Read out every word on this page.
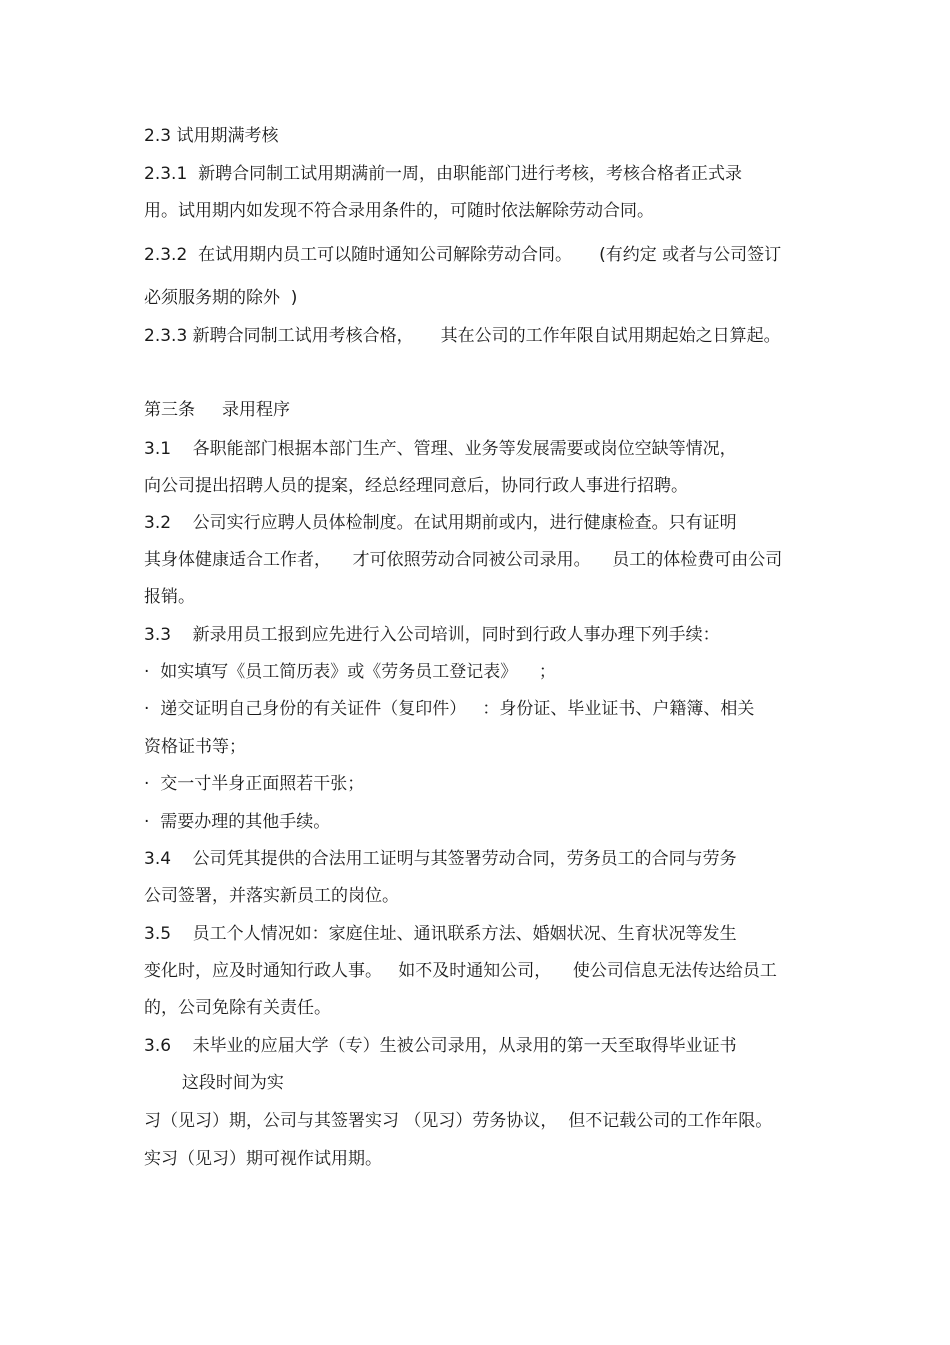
2.3 试用期满考核
2.3.1  新聘合同制工试用期满前一周，由职能部门进行考核，考核合格者正式录
用。试用期内如发现不符合录用条件的，可随时依法解除劳动合同。
2.3.2  在试用期内员工可以随时通知公司解除劳动合同。     (有约定 或者与公司签订
必须服务期的除外  )
2.3.3 新聘合同制工试用考核合格，     其在公司的工作年限自试用期起始之日算起。
第三条     录用程序
3.1    各职能部门根据本部门生产、管理、业务等发展需要或岗位空缺等情况，
向公司提出招聘人员的提案，经总经理同意后，协同行政人事进行招聘。
3.2    公司实行应聘人员体检制度。在试用期前或内，进行健康检查。只有证明
其身体健康适合工作者，    才可依照劳动合同被公司录用。    员工的体检费可由公司
报销。
3.3    新录用员工报到应先进行入公司培训，同时到行政人事办理下列手续：
·  如实填写《员工简历表》或《劳务员工登记表》    ；
·  递交证明自己身份的有关证件（复印件）   ：身份证、毕业证书、户籍簿、相关
资格证书等；
·  交一寸半身正面照若干张；
·  需要办理的其他手续。
3.4    公司凭其提供的合法用工证明与其签署劳动合同，劳务员工的合同与劳务
公司签署，并落实新员工的岗位。
3.5    员工个人情况如：家庭住址、通讯联系方法、婚姻状况、生育状况等发生
变化时，应及时通知行政人事。   如不及时通知公司，    使公司信息无法传达给员工
的，公司免除有关责任。
3.6    未毕业的应届大学（专）生被公司录用，从录用的第一天至取得毕业证书
这段时间为实
习（见习）期，公司与其签署实习 （见习）劳务协议，  但不记载公司的工作年限。
实习（见习）期可视作试用期。
